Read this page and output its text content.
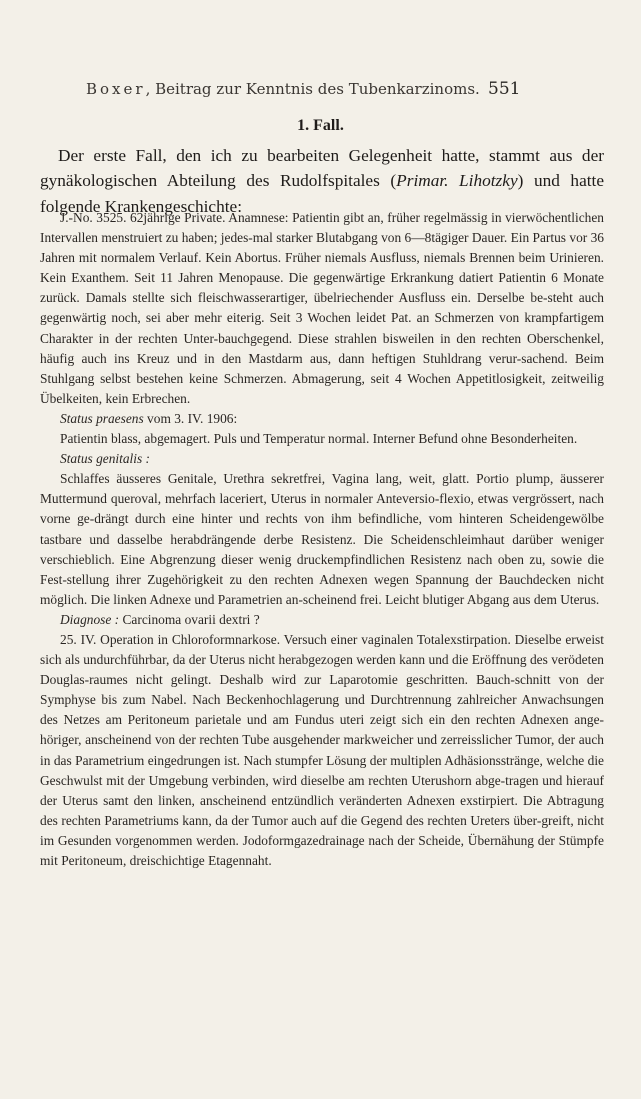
Boxer, Beitrag zur Kenntnis des Tubenkarzinoms. 551
1. Fall.
Der erste Fall, den ich zu bearbeiten Gelegenheit hatte, stammt aus der gynäkologischen Abteilung des Rudolfspitales (Primar. Lihotzky) und hatte folgende Krankengeschichte:

J.-No. 3525. 62jährige Private. Anamnese: Patientin gibt an, früher regelmässig in vierwöchentlichen Intervallen menstruiert zu haben; jedes-mal starker Blutabgang von 6—8tägiger Dauer. Ein Partus vor 36 Jahren mit normalem Verlauf. Kein Abortus. Früher niemals Ausfluss, niemals Brennen beim Urinieren. Kein Exanthem. Seit 11 Jahren Menopause. Die gegenwärtige Erkrankung datiert Patientin 6 Monate zurück. Damals stellte sich fleischwasserartiger, übelriechender Ausfluss ein. Derselbe be-steht auch gegenwärtig noch, sei aber mehr eiterig. Seit 3 Wochen leidet Pat. an Schmerzen von krampfartigem Charakter in der rechten Unter-bauchgegend. Diese strahlen bisweilen in den rechten Oberschenkel, häufig auch ins Kreuz und in den Mastdarm aus, dann heftigen Stuhldrang verur-sachend. Beim Stuhlgang selbst bestehen keine Schmerzen. Abmagerung, seit 4 Wochen Appetitlosigkeit, zeitweilig Übelkeiten, kein Erbrechen.

Status praesens vom 3. IV. 1906:

Patientin blass, abgemagert. Puls und Temperatur normal. Interner Befund ohne Besonderheiten.

Status genitalis :

Schlaffes äusseres Genitale, Urethra sekretfrei, Vagina lang, weit, glatt. Portio plump, äusserer Muttermund queroval, mehrfach laceriert, Uterus in normaler Anteversio-flexio, etwas vergrössert, nach vorne ge-drängt durch eine hinter und rechts von ihm befindliche, vom hinteren Scheidengewölbe tastbare und dasselbe herabdrängende derbe Resistenz. Die Scheidenschleimhaut darüber weniger verschieblich. Eine Abgrenzung dieser wenig druckempfindlichen Resistenz nach oben zu, sowie die Fest-stellung ihrer Zugehörigkeit zu den rechten Adnexen wegen Spannung der Bauchdecken nicht möglich. Die linken Adnexe und Parametrien an-scheinend frei. Leicht blutiger Abgang aus dem Uterus.

Diagnose : Carcinoma ovarii dextri ?

25. IV. Operation in Chloroformnarkose. Versuch einer vaginalen Totalexstirpation. Dieselbe erweist sich als undurchführbar, da der Uterus nicht herabgezogen werden kann und die Eröffnung des verödeten Douglas-raumes nicht gelingt. Deshalb wird zur Laparotomie geschritten. Bauch-schnitt von der Symphyse bis zum Nabel. Nach Beckenhochlagerung und Durchtrennung zahlreicher Anwachsungen des Netzes am Peritoneum parietale und am Fundus uteri zeigt sich ein den rechten Adnexen ange-höriger, anscheinend von der rechten Tube ausgehender markweicher und zerreisslicher Tumor, der auch in das Parametrium eingedrungen ist. Nach stumpfer Lösung der multiplen Adhäsionsstränge, welche die Geschwulst mit der Umgebung verbinden, wird dieselbe am rechten Uterushorn abge-tragen und hierauf der Uterus samt den linken, anscheinend entzündlich veränderten Adnexen exstirpiert. Die Abtragung des rechten Parametriums kann, da der Tumor auch auf die Gegend des rechten Ureters über-greift, nicht im Gesunden vorgenommen werden. Jodoformgazedrainage nach der Scheide, Übernähung der Stümpfe mit Peritoneum, dreischichtige Etagennaht.
